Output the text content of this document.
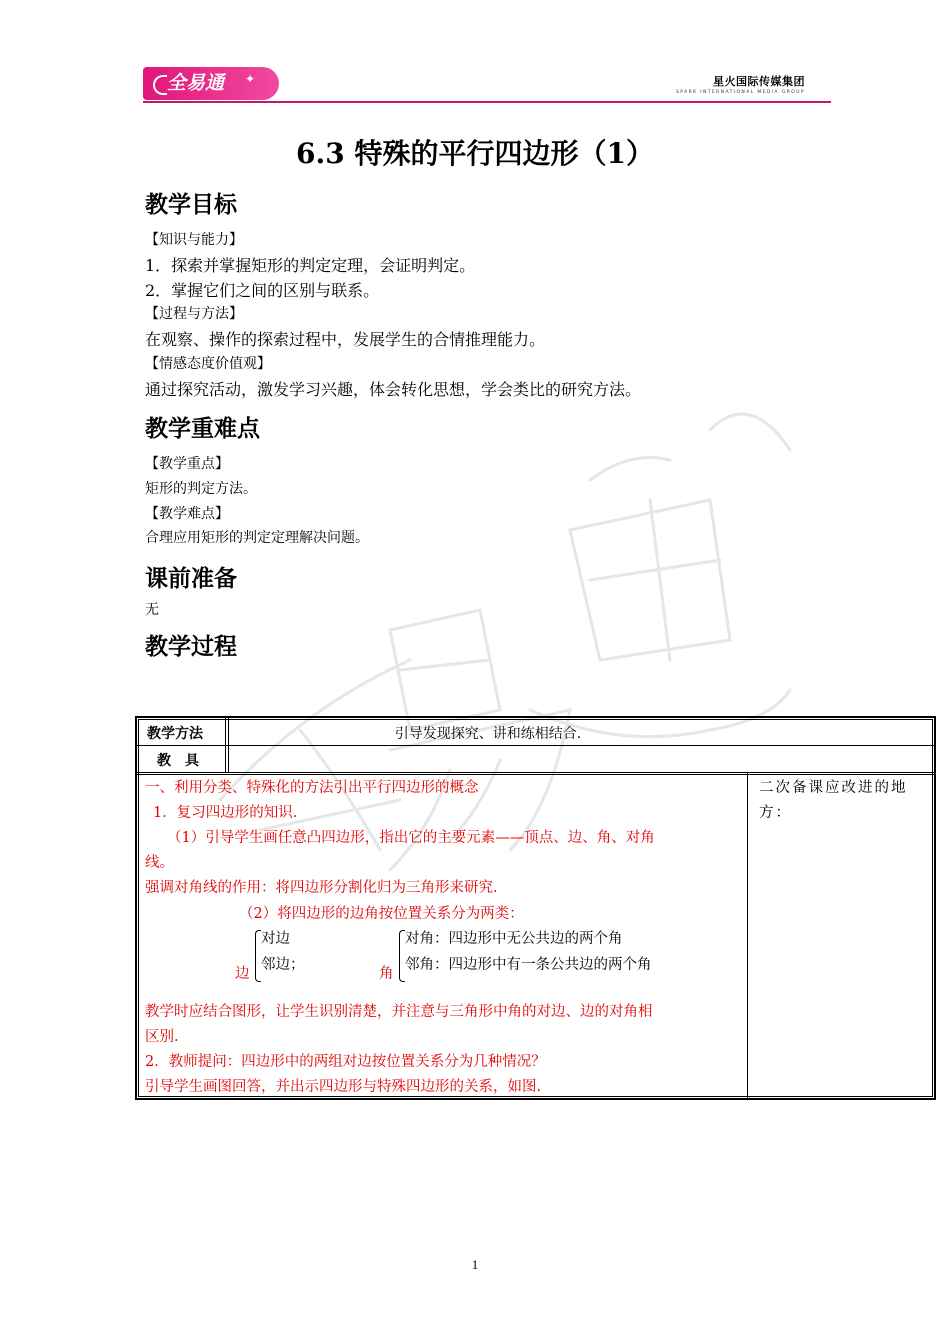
全易通 ✦	星火国际传媒集团
SPARK INTERNATIONAL MEDIA GROUP
6.3 特殊的平行四边形（1）
教学目标
【知识与能力】
1．探索并掌握矩形的判定定理，会证明判定。
2．掌握它们之间的区别与联系。
【过程与方法】
在观察、操作的探索过程中，发展学生的合情推理能力。
【情感态度价值观】
通过探究活动，激发学习兴趣，体会转化思想，学会类比的研究方法。
教学重难点
【教学重点】
矩形的判定方法。
【教学难点】
合理应用矩形的判定定理解决问题。
课前准备
无
教学过程
教学方法	引导发现探究、讲和练相结合.
教　具
二次备课应改进的地方：
一、利用分类、特殊化的方法引出平行四边形的概念
1．复习四边形的知识.
（1）引导学生画任意凸四边形，指出它的主要元素——顶点、边、角、对角
线。
强调对角线的作用：将四边形分割化归为三角形来研究.
（2）将四边形的边角按位置关系分为两类：
对边
邻边；
边
对角：四边形中无公共边的两个角
邻角：四边形中有一条公共边的两个角
角
教学时应结合图形，让学生识别清楚，并注意与三角形中角的对边、边的对角相
区别.
2．教师提问：四边形中的两组对边按位置关系分为几种情况？
引导学生画图回答，并出示四边形与特殊四边形的关系，如图.
1
